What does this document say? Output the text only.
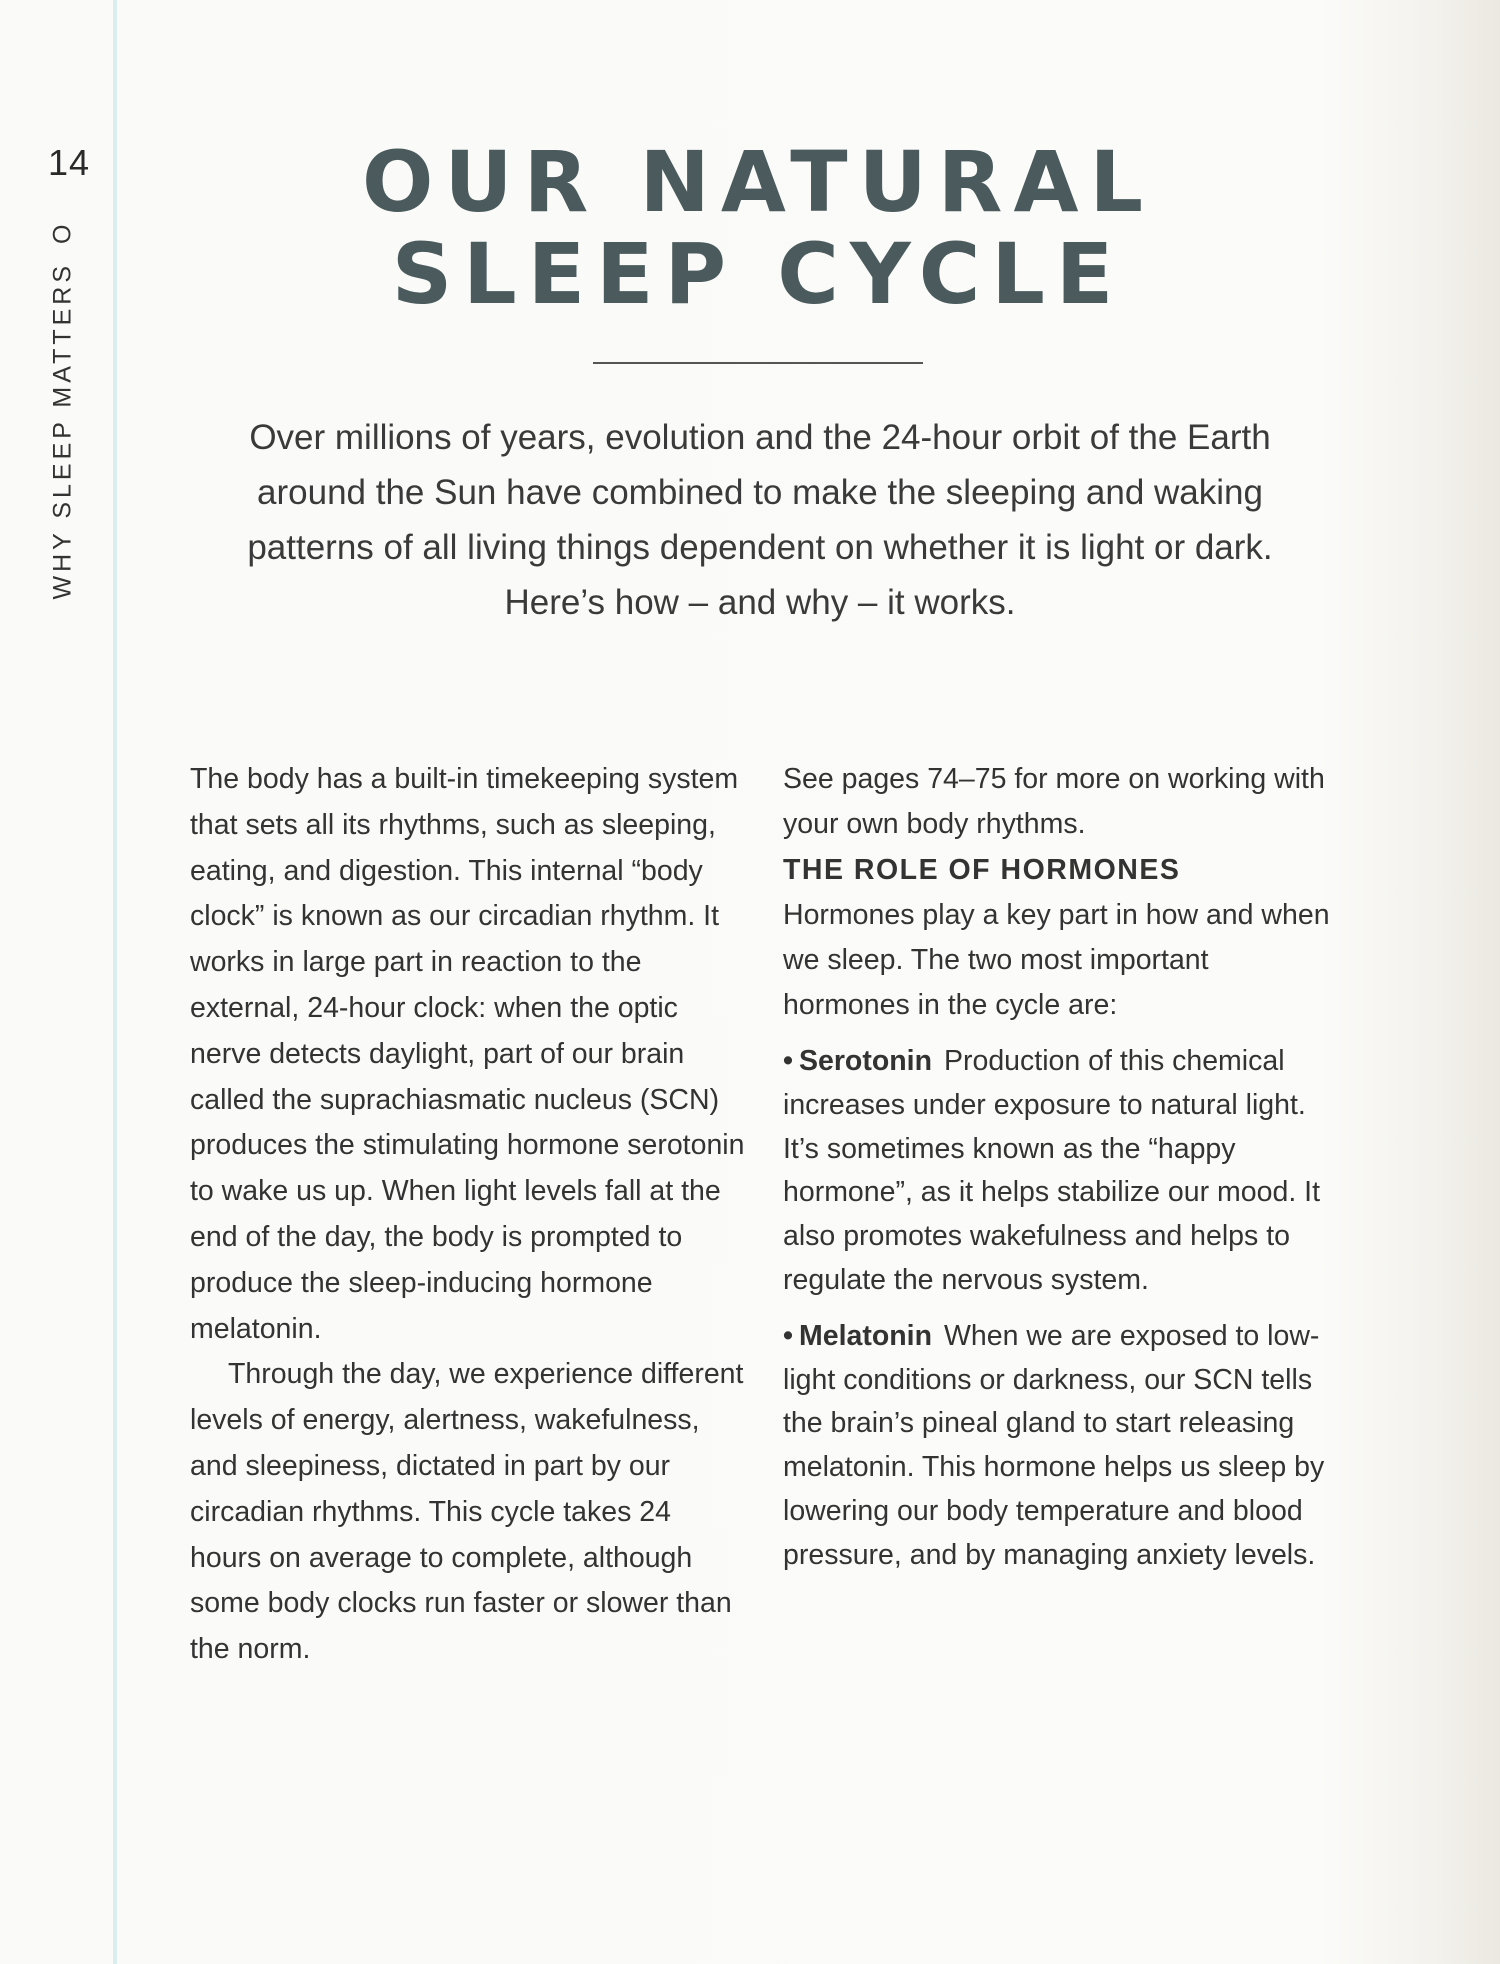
14
WHY SLEEP MATTERSO
OUR NATURAL
SLEEP CYCLE

Over millions of years, evolution and the 24-hour orbit of the Earth around the Sun have combined to make the sleeping and waking patterns of all living things dependent on whether it is light or dark. Here’s how – and why – it works.

The body has a built-in timekeeping system that sets all its rhythms, such as sleeping, eating, and digestion. This internal “body clock” is known as our circadian rhythm. It works in large part in reaction to the external, 24-hour clock: when the optic nerve detects daylight, part of our brain called the suprachiasmatic nucleus (SCN) produces the stimulating hormone serotonin to wake us up. When light levels fall at the end of the day, the body is prompted to produce the sleep-inducing hormone melatonin.

Through the day, we experience different levels of energy, alertness, wakefulness, and sleepiness, dictated in part by our circadian rhythms. This cycle takes 24 hours on average to complete, although some body clocks run faster or slower than the norm.

See pages 74–75 for more on working with your own body rhythms.

THE ROLE OF HORMONES

Hormones play a key part in how and when we sleep. The two most important hormones in the cycle are:

• Serotonin Production of this chemical increases under exposure to natural light. It’s sometimes known as the “happy hormone”, as it helps stabilize our mood. It also promotes wakefulness and helps to regulate the nervous system.

• Melatonin When we are exposed to low-light conditions or darkness, our SCN tells the brain’s pineal gland to start releasing melatonin. This hormone helps us sleep by lowering our body temperature and blood pressure, and by managing anxiety levels.
